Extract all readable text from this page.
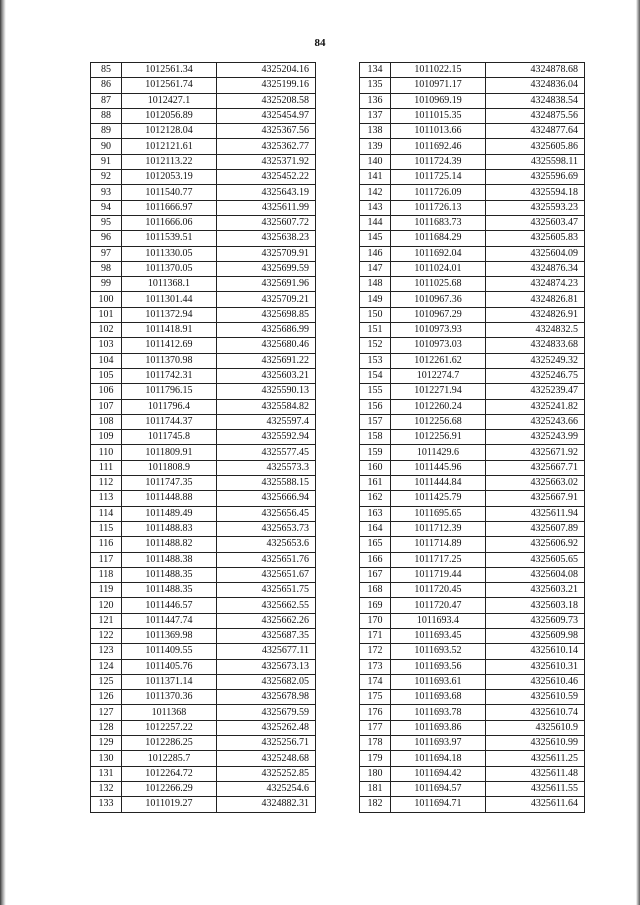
84
85	1012561.34	4325204.16
86	1012561.74	4325199.16
87	1012427.1	4325208.58
88	1012056.89	4325454.97
89	1012128.04	4325367.56
90	1012121.61	4325362.77
91	1012113.22	4325371.92
92	1012053.19	4325452.22
93	1011540.77	4325643.19
94	1011666.97	4325611.99
95	1011666.06	4325607.72
96	1011539.51	4325638.23
97	1011330.05	4325709.91
98	1011370.05	4325699.59
99	1011368.1	4325691.96
100	1011301.44	4325709.21
101	1011372.94	4325698.85
102	1011418.91	4325686.99
103	1011412.69	4325680.46
104	1011370.98	4325691.22
105	1011742.31	4325603.21
106	1011796.15	4325590.13
107	1011796.4	4325584.82
108	1011744.37	4325597.4
109	1011745.8	4325592.94
110	1011809.91	4325577.45
111	1011808.9	4325573.3
112	1011747.35	4325588.15
113	1011448.88	4325666.94
114	1011489.49	4325656.45
115	1011488.83	4325653.73
116	1011488.82	4325653.6
117	1011488.38	4325651.76
118	1011488.35	4325651.67
119	1011488.35	4325651.75
120	1011446.57	4325662.55
121	1011447.74	4325662.26
122	1011369.98	4325687.35
123	1011409.55	4325677.11
124	1011405.76	4325673.13
125	1011371.14	4325682.05
126	1011370.36	4325678.98
127	1011368	4325679.59
128	1012257.22	4325262.48
129	1012286.25	4325256.71
130	1012285.7	4325248.68
131	1012264.72	4325252.85
132	1012266.29	4325254.6
133	1011019.27	4324882.31
134	1011022.15	4324878.68
135	1010971.17	4324836.04
136	1010969.19	4324838.54
137	1011015.35	4324875.56
138	1011013.66	4324877.64
139	1011692.46	4325605.86
140	1011724.39	4325598.11
141	1011725.14	4325596.69
142	1011726.09	4325594.18
143	1011726.13	4325593.23
144	1011683.73	4325603.47
145	1011684.29	4325605.83
146	1011692.04	4325604.09
147	1011024.01	4324876.34
148	1011025.68	4324874.23
149	1010967.36	4324826.81
150	1010967.29	4324826.91
151	1010973.93	4324832.5
152	1010973.03	4324833.68
153	1012261.62	4325249.32
154	1012274.7	4325246.75
155	1012271.94	4325239.47
156	1012260.24	4325241.82
157	1012256.68	4325243.66
158	1012256.91	4325243.99
159	1011429.6	4325671.92
160	1011445.96	4325667.71
161	1011444.84	4325663.02
162	1011425.79	4325667.91
163	1011695.65	4325611.94
164	1011712.39	4325607.89
165	1011714.89	4325606.92
166	1011717.25	4325605.65
167	1011719.44	4325604.08
168	1011720.45	4325603.21
169	1011720.47	4325603.18
170	1011693.4	4325609.73
171	1011693.45	4325609.98
172	1011693.52	4325610.14
173	1011693.56	4325610.31
174	1011693.61	4325610.46
175	1011693.68	4325610.59
176	1011693.78	4325610.74
177	1011693.86	4325610.9
178	1011693.97	4325610.99
179	1011694.18	4325611.25
180	1011694.42	4325611.48
181	1011694.57	4325611.55
182	1011694.71	4325611.64
